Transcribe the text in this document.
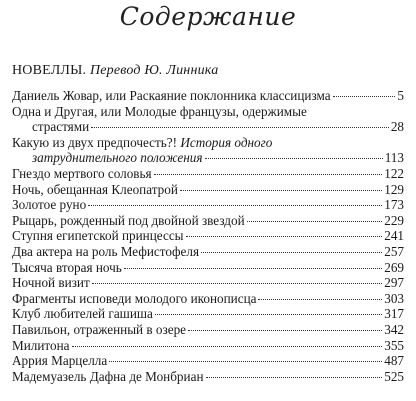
Содержание
НОВЕЛЛЫ. Перевод Ю. Линника
Даниель Жовар, или Раскаяние поклонника классицизма	5
Одна и Другая, или Молодые французы, одержимые
страстями	28
Какую из двух предпочесть?!
История одного
затруднительного положения	113
Гнездо мертвого соловья	122
Ночь, обещанная Клеопатрой	129
Золотое руно	173
Рыцарь, рожденный под двойной звездой	229
Ступня египетской принцессы	241
Два актера на роль Мефистофеля	257
Тысяча вторая ночь	269
Ночной визит	297
Фрагменты исповеди молодого иконописца	303
Клуб любителей гашиша	317
Павильон, отраженный в озере	342
Милитона	355
Аррия Марцелла	487
Мадемуазель Дафна де Монбриан	525
